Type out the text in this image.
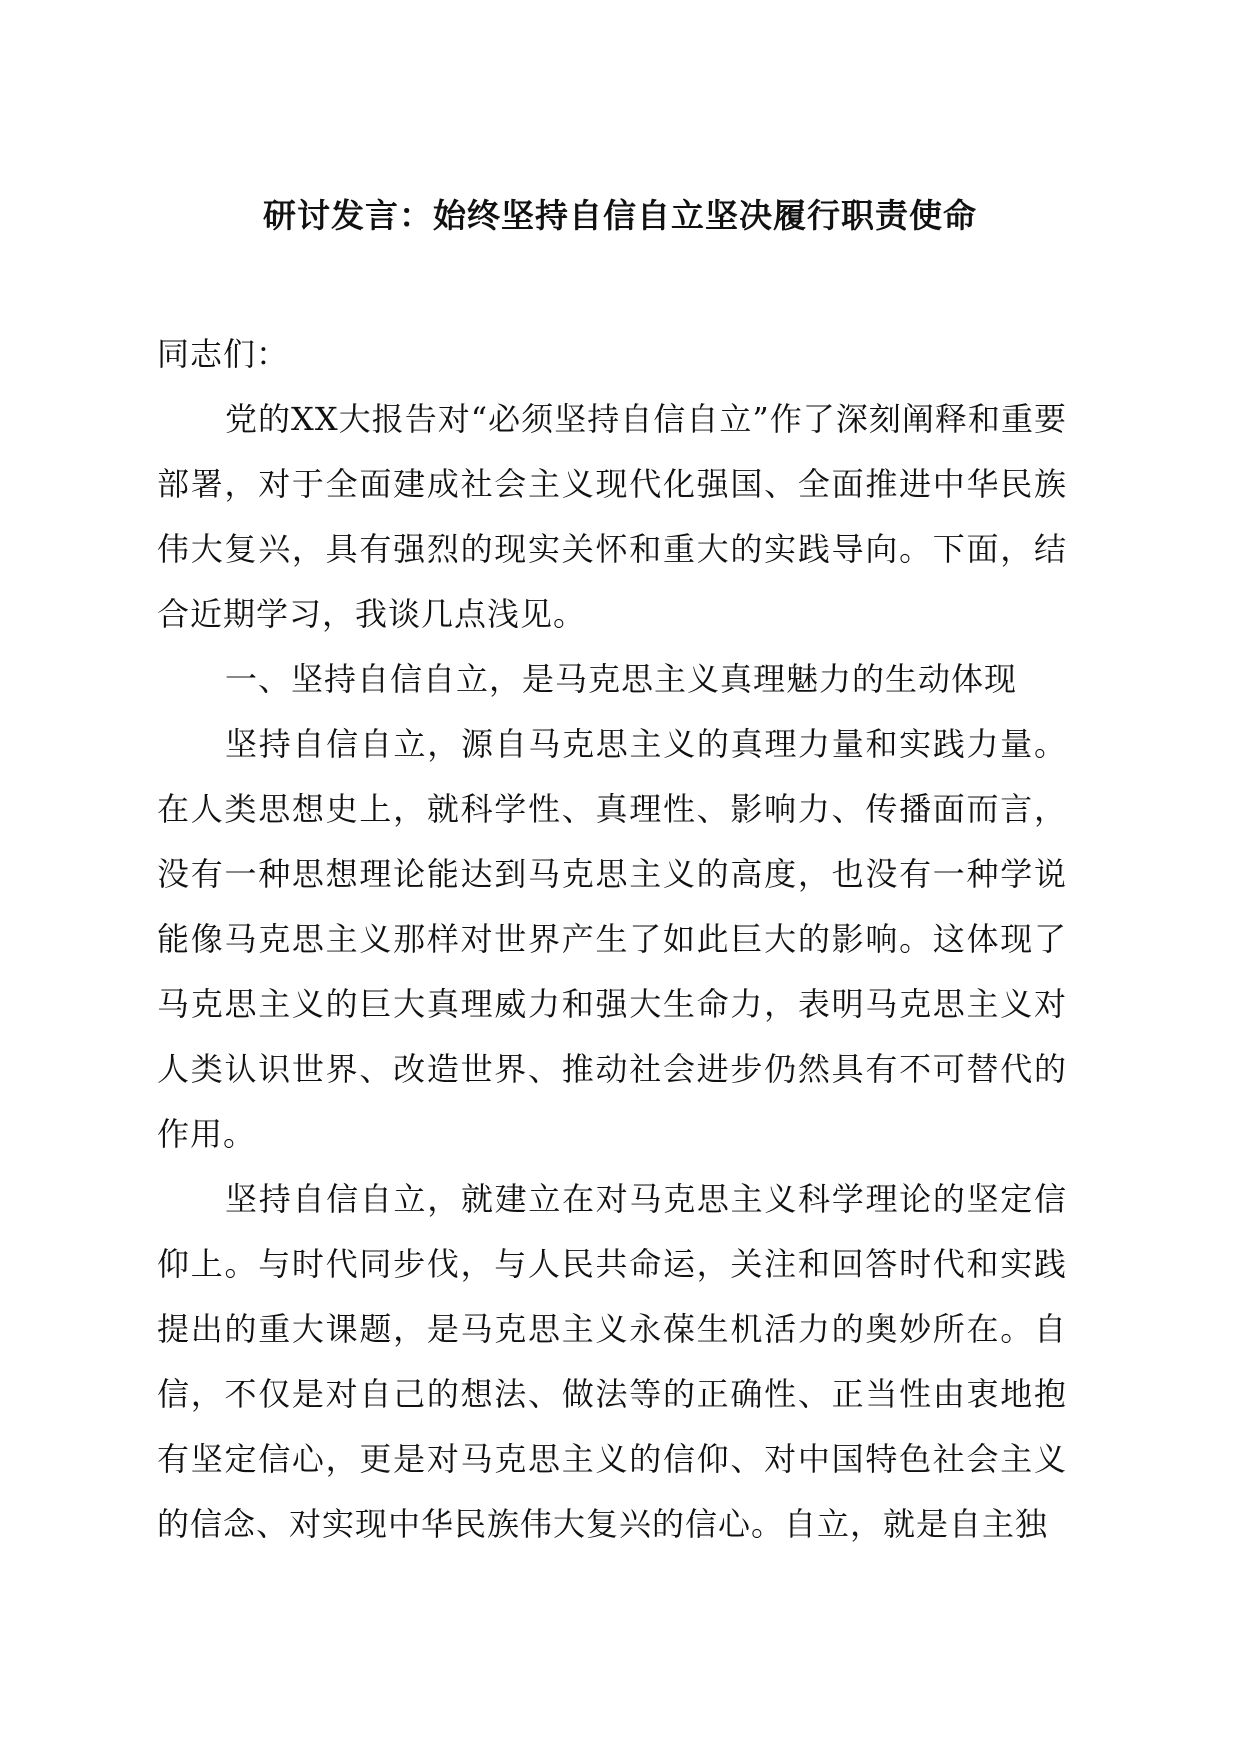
研讨发言：始终坚持自信自立坚决履行职责使命

同志们：

党的XX大报告对“必须坚持自信自立”作了深刻阐释和重要部署，对于全面建成社会主义现代化强国、全面推进中华民族伟大复兴，具有强烈的现实关怀和重大的实践导向。下面，结合近期学习，我谈几点浅见。

一、坚持自信自立，是马克思主义真理魅力的生动体现

坚持自信自立，源自马克思主义的真理力量和实践力量。在人类思想史上，就科学性、真理性、影响力、传播面而言，没有一种思想理论能达到马克思主义的高度，也没有一种学说能像马克思主义那样对世界产生了如此巨大的影响。这体现了马克思主义的巨大真理威力和强大生命力，表明马克思主义对人类认识世界、改造世界、推动社会进步仍然具有不可替代的作用。

坚持自信自立，就建立在对马克思主义科学理论的坚定信仰上。与时代同步伐，与人民共命运，关注和回答时代和实践提出的重大课题，是马克思主义永葆生机活力的奥妙所在。自信，不仅是对自己的想法、做法等的正确性、正当性由衷地抱有坚定信心，更是对马克思主义的信仰、对中国特色社会主义的信念、对实现中华民族伟大复兴的信心。自立，就是自主独
